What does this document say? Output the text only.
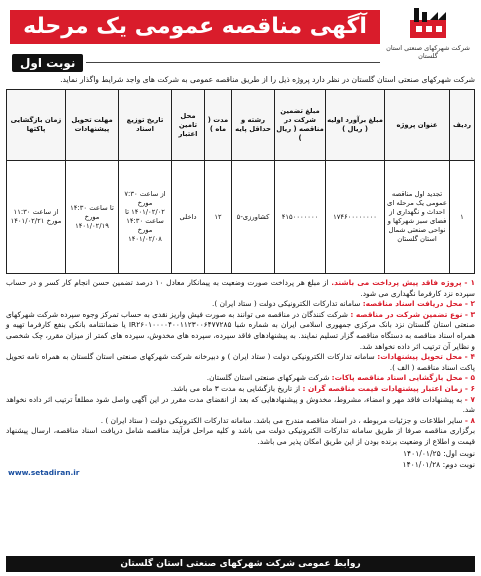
آگهی مناقصه عمومی یک مرحله ای	شرکت شهرکهای صنعتی استان گلستان
نوبت اول
شرکت شهرکهای صنعتی استان گلستان در نظر دارد پروژه ذیل را از طریق مناقصه عمومی به شرکت های واجد شرایط واگذار نماید.
ردیف	عنوان پروژه	مبلغ برآورد اولیه ( ریال )	مبلغ تضمین شرکت در مناقصه ( ریال )	رشته و حداقل پایه	مدت ( ماه )	محل تامین اعتبار	تاریخ توزیع اسناد	مهلت تحویل پیشنهادات	زمان بازگشایی پاکتها
۱	تجدید اول مناقصه عمومی یک مرحله ای احداث و نگهداری از فضای سبز شهرکها و نواحی صنعتی شمال استان گلستان	۱۷۴۶۰۰۰۰۰۰۰۰	۴۱۵۰۰۰۰۰۰۰	کشاورزی-۵	۱۲	داخلی	از ساعت ۷:۳۰ مورخ ۱۴۰۱/۰۲/۰۲ تا ساعت ۱۴:۳۰ مورخ ۱۴۰۱/۰۲/۰۸	تا ساعت ۱۴:۳۰ مورخ ۱۴۰۱/۰۲/۱۹	از ساعت ۱۱:۳۰ مورخ ۱۴۰۱/۰۲/۲۱

۱ - پروژه فاقد پیش پرداخت می باشند. از مبلغ هر پرداخت صورت وضعیت به پیمانکار معادل ۱۰ درصد تضمین حسن انجام کار کسر و در حساب سپرده نزد کارفرما نگهداری می شود.

۲ - محل دریافت اسناد مناقصه: سامانه تدارکات الکترونیکی دولت ( ستاد ایران ).

۳ - نوع تضمین شرکت در مناقصه : شرکت کنندگان در مناقصه می توانند به صورت فیش واریز نقدی به حساب تمرکز وجوه سپرده شرکت شهرکهای صنعتی استان گلستان نزد بانک مرکزی جمهوری اسلامی ایران به شماره شبا IR۲۶۰۱۰۰۰۰۴۰۰۱۱۲۳۰۰۶۴۷۷۲۸۵ یا ضمانتنامه بانکی بنفع کارفرما تهیه و همراه اسناد مناقصه به دستگاه مناقصه گزار تسلیم نمایند. به پیشنهادهای فاقد سپرده، سپرده های مخدوش، سپرده های کمتر از میزان مقرر، چک شخصی و نظایر آن ترتیب اثر داده نخواهد شد.

۴ - محل تحویل پیشنهادات: سامانه تدارکات الکترونیکی دولت ( ستاد ایران ) و دبیرخانه شرکت شهرکهای صنعتی استان گلستان به همراه نامه تحویل پاکت اسناد مناقصه ( الف ).

۵ - محل بازگشایی اسناد مناقصه پاکات: شرکت شهرکهای صنعتی استان گلستان.

۶ - زمان اعتبار پیشنهادات قیمت مناقصه گران : از تاریخ بازگشایی به مدت ۳ ماه می باشد.

۷ - به پیشنهادات فاقد مهر و امضاء، مشروط، مخدوش و پیشنهادهایی که بعد از انقضای مدت مقرر در این آگهی واصل شود مطلقاً ترتیب اثر داده نخواهد شد.

۸ - سایر اطلاعات و جزئیات مربوطه ، در اسناد مناقصه مندرج می باشد. سامانه تدارکات الکترونیکی دولت ( ستاد ایران ) .

برگزاری مناقصه صرفا از طریق سامانه تدارکات الکترونیکی دولت می باشد و کلیه مراحل فرآیند مناقصه شامل دریافت اسناد مناقصه، ارسال پیشنهاد قیمت و اطلاع از وضعیت برنده بودن از این طریق امکان پذیر می باشد.

نوبت اول: ۱۴۰۱/۰۱/۲۵
نوبت دوم: ۱۴۰۱/۰۱/۲۸
www.setadiran.ir
روابط عمومی شرکت شهرکهای صنعتی استان گلستان
